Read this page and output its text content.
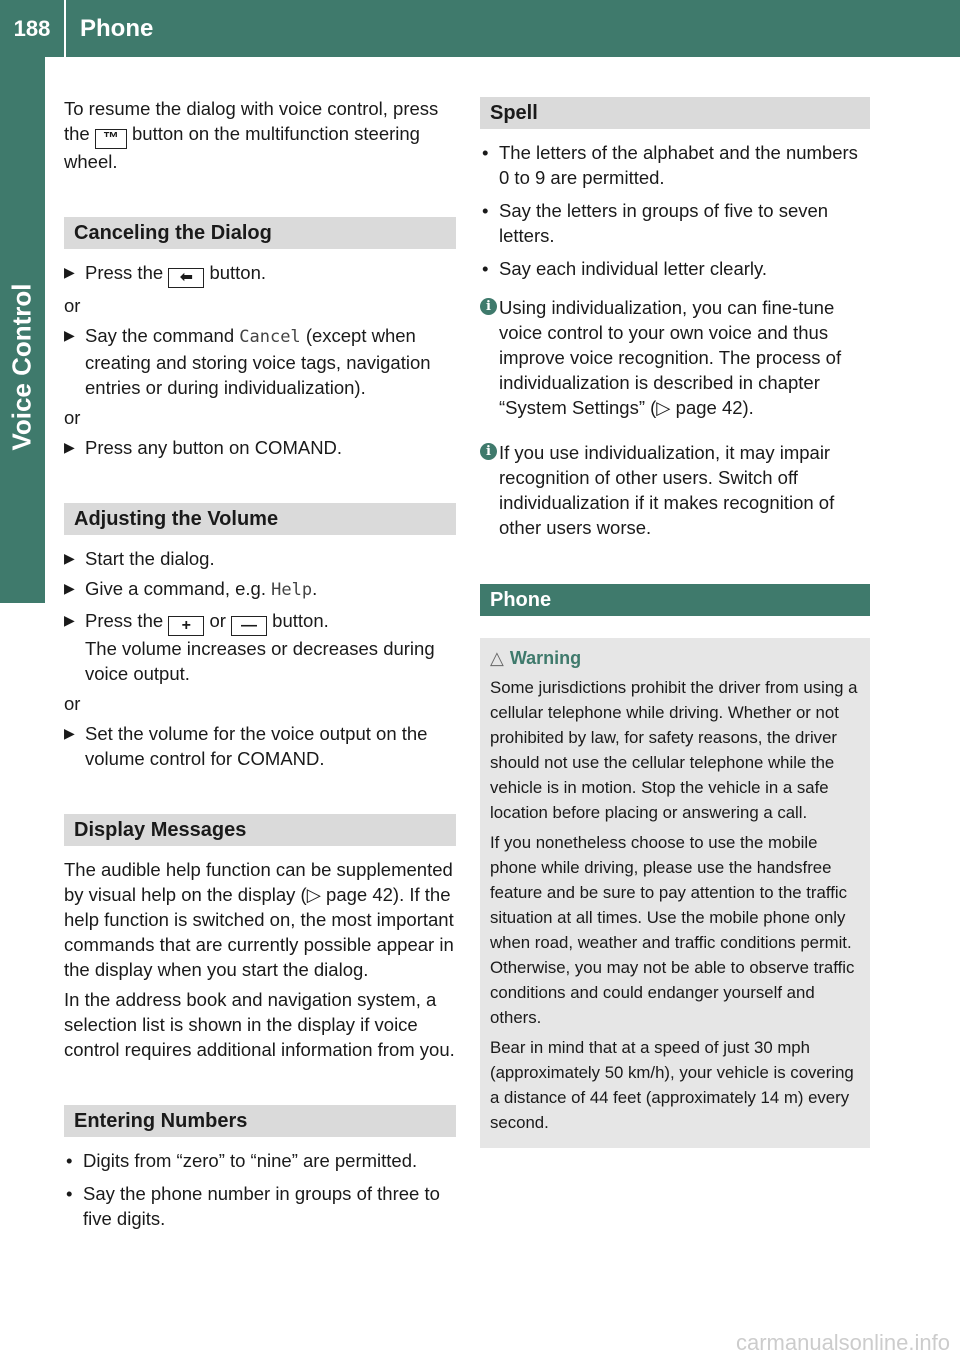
188	Phone
Voice Control

To resume the dialog with voice control, press the ™ button on the multifunction steering wheel.

Canceling the Dialog
▶ Press the ⬅ button.
or
▶ Say the command Cancel (except when creating and storing voice tags, navigation entries or during individualization).
or
▶ Press any button on COMAND.
Adjusting the Volume
▶ Start the dialog.
▶ Give a command, e.g. Help.
▶ Press the + or — button.
The volume increases or decreases during voice output.
or
▶ Set the volume for the voice output on the volume control for COMAND.
Display Messages

The audible help function can be supplemented by visual help on the display (▷ page 42). If the help function is switched on, the most important commands that are currently possible appear in the display when you start the dialog.

In the address book and navigation system, a selection list is shown in the display if voice control requires additional information from you.

Entering Numbers
• Digits from “zero” to “nine” are permitted.
• Say the phone number in groups of three to five digits.
Spell
• The letters of the alphabet and the numbers 0 to 9 are permitted.
• Say the letters in groups of five to seven letters.
• Say each individual letter clearly.
i Using individualization, you can fine-tune voice control to your own voice and thus improve voice recognition. The process of individualization is described in chapter “System Settings” (▷ page 42).
i If you use individualization, it may impair recognition of other users. Switch off individualization if it makes recognition of other users worse.
Phone
△ Warning

Some jurisdictions prohibit the driver from using a cellular telephone while driving. Whether or not prohibited by law, for safety reasons, the driver should not use the cellular telephone while the vehicle is in motion. Stop the vehicle in a safe location before placing or answering a call.

If you nonetheless choose to use the mobile phone while driving, please use the handsfree feature and be sure to pay attention to the traffic situation at all times. Use the mobile phone only when road, weather and traffic conditions permit. Otherwise, you may not be able to observe traffic conditions and could endanger yourself and others.

Bear in mind that at a speed of just 30 mph (approximately 50 km/h), your vehicle is covering a distance of 44 feet (approximately 14 m) every second.

carmanualsonline.info
